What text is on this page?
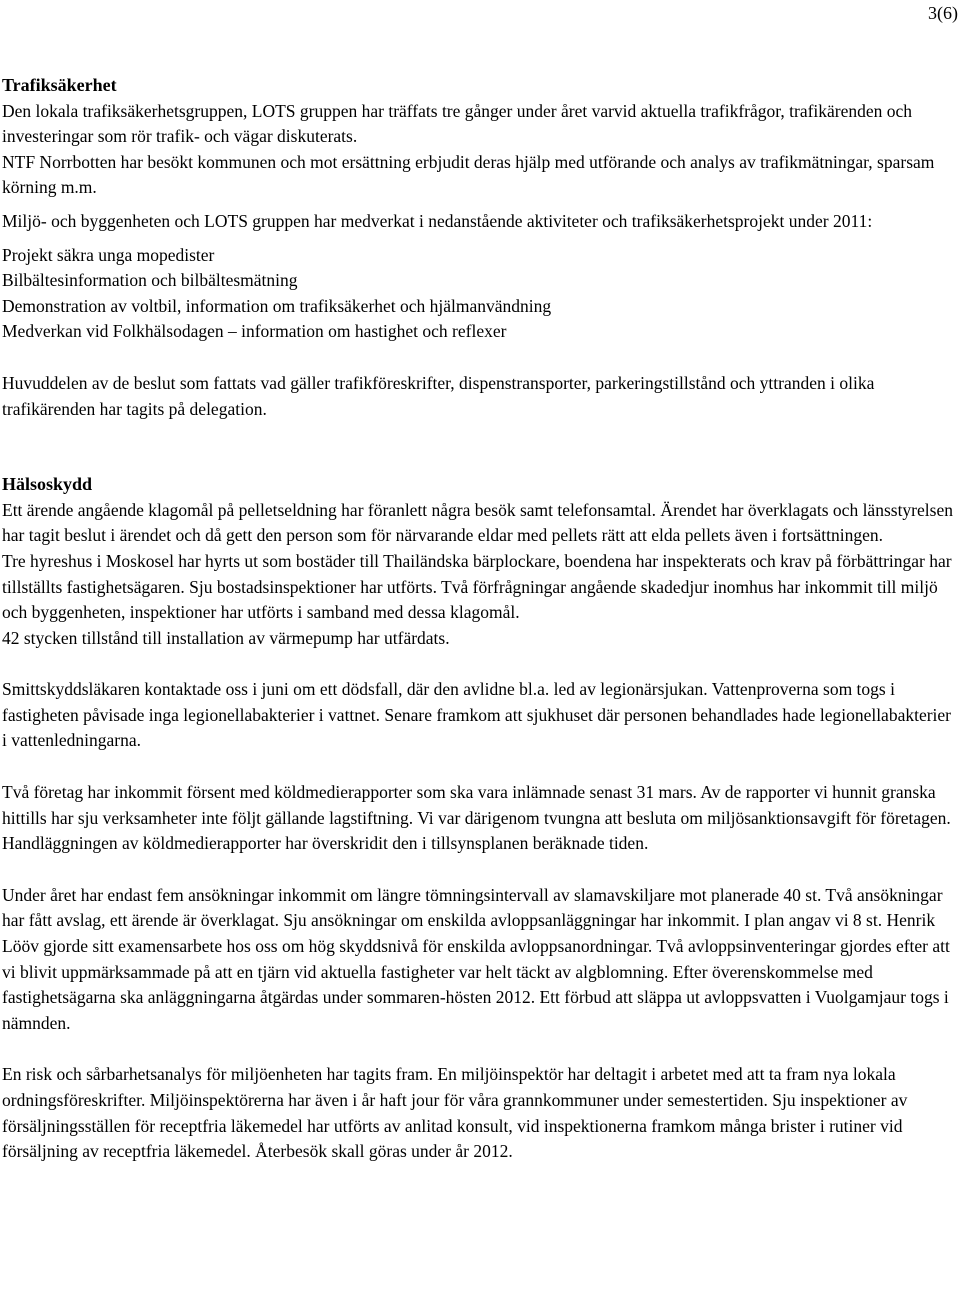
3(6)

Trafiksäkerhet

Den lokala trafiksäkerhetsgruppen, LOTS gruppen har träffats tre gånger under året varvid aktuella trafikfrågor, trafikärenden och investeringar som rör trafik- och vägar diskuterats.

NTF Norrbotten har besökt kommunen och mot ersättning erbjudit deras hjälp med utförande och analys av trafikmätningar, sparsam körning m.m.

Miljö- och byggenheten och LOTS gruppen har medverkat i nedanstående aktiviteter och trafiksäkerhetsprojekt under 2011:

Projekt säkra unga mopedister

Bilbältesinformation och bilbältesmätning

Demonstration av voltbil, information om trafiksäkerhet och hjälmanvändning

Medverkan vid Folkhälsodagen – information om hastighet och reflexer

Huvuddelen av de beslut som fattats vad gäller trafikföreskrifter, dispenstransporter, parkeringstillstånd och yttranden i olika trafikärenden har tagits på delegation.

Hälsoskydd

Ett ärende angående klagomål på pelletseldning har föranlett några besök samt telefonsamtal. Ärendet har överklagats och länsstyrelsen har tagit beslut i ärendet och då gett den person som för närvarande eldar med pellets rätt att elda pellets även i fortsättningen.

Tre hyreshus i Moskosel har hyrts ut som bostäder till Thailändska bärplockare, boendena har inspekterats och krav på förbättringar har tillställts fastighetsägaren. Sju bostadsinspektioner har utförts. Två förfrågningar angående skadedjur inomhus har inkommit till miljö och byggenheten, inspektioner har utförts i samband med dessa klagomål.

42 stycken tillstånd till installation av värmepump har utfärdats.

Smittskyddsläkaren kontaktade oss i juni om ett dödsfall, där den avlidne bl.a. led av legionärsjukan. Vattenproverna som togs i fastigheten påvisade inga legionellabakterier i vattnet. Senare framkom att sjukhuset där personen behandlades hade legionellabakterier i vattenledningarna.

Två företag har inkommit försent med köldmedierapporter som ska vara inlämnade senast 31 mars. Av de rapporter vi hunnit granska hittills har sju verksamheter inte följt gällande lagstiftning. Vi var därigenom tvungna att besluta om miljösanktionsavgift för företagen. Handläggningen av köldmedierapporter har överskridit den i tillsynsplanen beräknade tiden.

Under året har endast fem ansökningar inkommit om längre tömningsintervall av slamavskiljare mot planerade 40 st. Två ansökningar har fått avslag, ett ärende är överklagat. Sju ansökningar om enskilda avloppsanläggningar har inkommit. I plan angav vi 8 st. Henrik Lööv gjorde sitt examensarbete hos oss om hög skyddsnivå för enskilda avloppsanordningar. Två avloppsinventeringar gjordes efter att vi blivit uppmärksammade på att en tjärn vid aktuella fastigheter var helt täckt av algblomning. Efter överenskommelse med fastighetsägarna ska anläggningarna åtgärdas under sommaren-hösten 2012. Ett förbud att släppa ut avloppsvatten i Vuolgamjaur togs i nämnden.

En risk och sårbarhetsanalys för miljöenheten har tagits fram. En miljöinspektör har deltagit i arbetet med att ta fram nya lokala ordningsföreskrifter. Miljöinspektörerna har även i år haft jour för våra grannkommuner under semestertiden. Sju inspektioner av försäljningsställen för receptfria läkemedel har utförts av anlitad konsult, vid inspektionerna framkom många brister i rutiner vid försäljning av receptfria läkemedel. Återbesök skall göras under år 2012.
